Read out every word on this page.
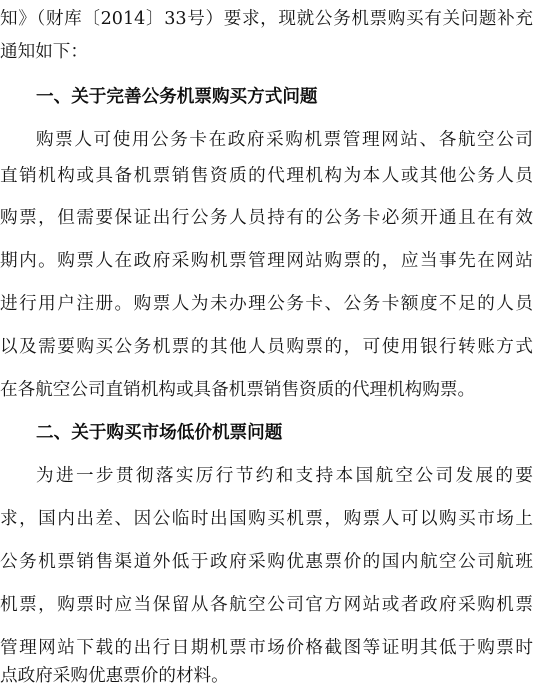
知》（财库〔2014〕33号）要求，现就公务机票购买有关问题补充
通知如下：
一、关于完善公务机票购买方式问题
购票人可使用公务卡在政府采购机票管理网站、各航空公司
直销机构或具备机票销售资质的代理机构为本人或其他公务人员
购票，但需要保证出行公务人员持有的公务卡必须开通且在有效
期内。购票人在政府采购机票管理网站购票的，应当事先在网站
进行用户注册。购票人为未办理公务卡、公务卡额度不足的人员
以及需要购买公务机票的其他人员购票的，可使用银行转账方式
在各航空公司直销机构或具备机票销售资质的代理机构购票。
二、关于购买市场低价机票问题
为进一步贯彻落实厉行节约和支持本国航空公司发展的要
求，国内出差、因公临时出国购买机票，购票人可以购买市场上
公务机票销售渠道外低于政府采购优惠票价的国内航空公司航班
机票，购票时应当保留从各航空公司官方网站或者政府采购机票
管理网站下载的出行日期机票市场价格截图等证明其低于购票时
点政府采购优惠票价的材料。
